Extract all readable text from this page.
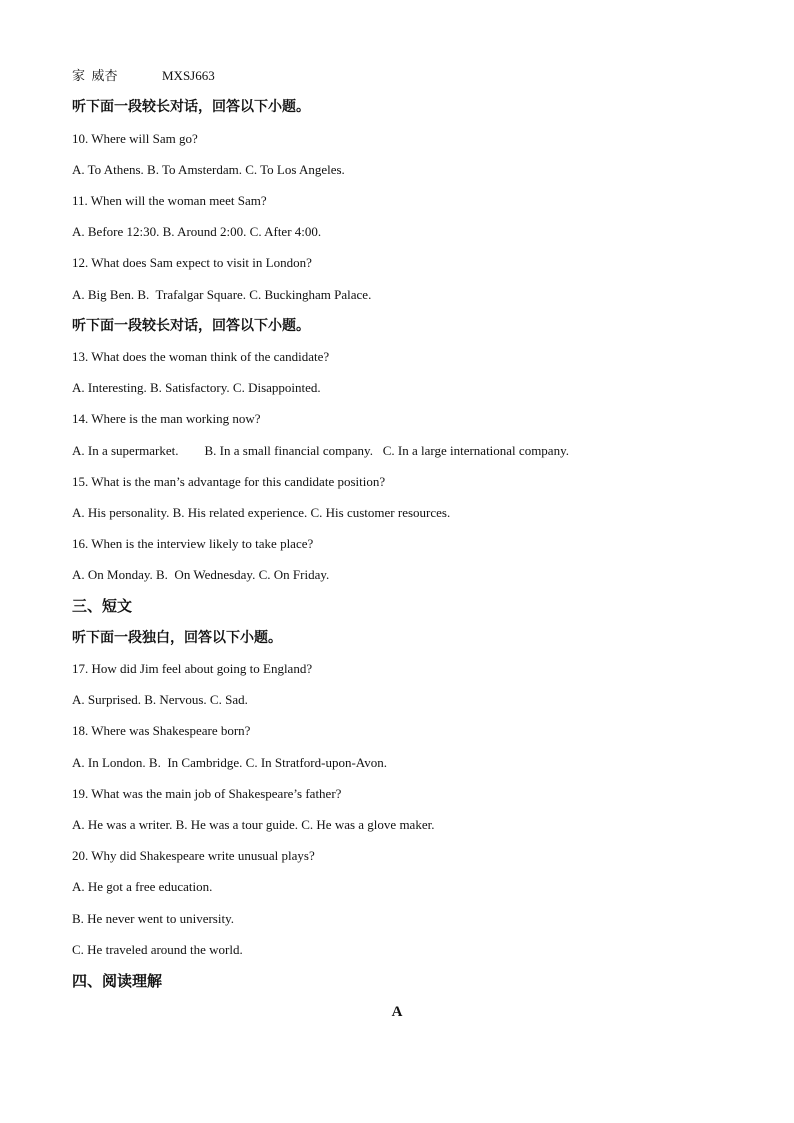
家  威杏	MXSJ663
听下面一段较长对话，回答以下小题。
10. Where will Sam go?
A. To Athens. B. To Amsterdam. C. To Los Angeles.
11. When will the woman meet Sam?
A. Before 12:30. B. Around 2:00. C. After 4:00.
12. What does Sam expect to visit in London?
A. Big Ben. B.  Trafalgar Square. C. Buckingham Palace.
听下面一段较长对话，回答以下小题。
13. What does the woman think of the candidate?
A. Interesting. B. Satisfactory. C. Disappointed.
14. Where is the man working now?
A. In a supermarket.        B. In a small financial company.   C. In a large international company.
15. What is the man’s advantage for this candidate position?
A. His personality. B. His related experience. C. His customer resources.
16. When is the interview likely to take place?
A. On Monday. B.  On Wednesday. C. On Friday.
三、短文
听下面一段独白，回答以下小题。
17. How did Jim feel about going to England?
A. Surprised. B. Nervous. C. Sad.
18. Where was Shakespeare born?
A. In London. B.  In Cambridge. C. In Stratford-upon-Avon.
19. What was the main job of Shakespeare’s father?
A. He was a writer. B. He was a tour guide. C. He was a glove maker.
20. Why did Shakespeare write unusual plays?
A. He got a free education.
B. He never went to university.
C. He traveled around the world.
四、阅读理解
A
